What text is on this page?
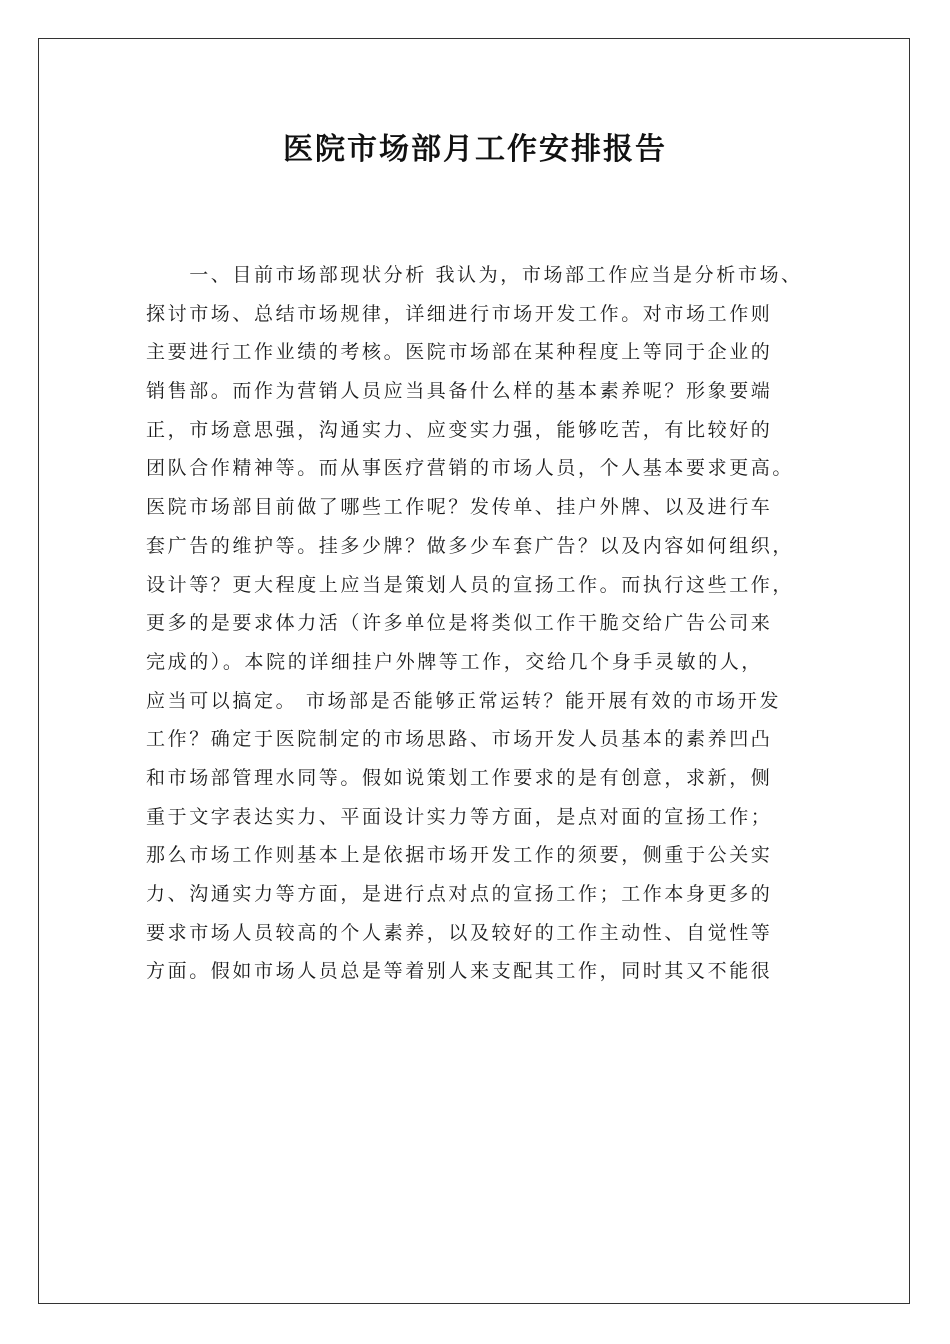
医院市场部月工作安排报告
　　一、目前市场部现状分析 我认为，市场部工作应当是分析市场、
探讨市场、总结市场规律，详细进行市场开发工作。对市场工作则
主要进行工作业绩的考核。医院市场部在某种程度上等同于企业的
销售部。而作为营销人员应当具备什么样的基本素养呢？形象要端
正，市场意思强，沟通实力、应变实力强，能够吃苦，有比较好的
团队合作精神等。而从事医疗营销的市场人员，个人基本要求更高。
医院市场部目前做了哪些工作呢？发传单、挂户外牌、以及进行车
套广告的维护等。挂多少牌？做多少车套广告？以及内容如何组织，
设计等？更大程度上应当是策划人员的宣扬工作。而执行这些工作，
更多的是要求体力活（许多单位是将类似工作干脆交给广告公司来
完成的）。本院的详细挂户外牌等工作，交给几个身手灵敏的人，
应当可以搞定。 市场部是否能够正常运转？能开展有效的市场开发
工作？确定于医院制定的市场思路、市场开发人员基本的素养凹凸
和市场部管理水同等。假如说策划工作要求的是有创意，求新，侧
重于文字表达实力、平面设计实力等方面，是点对面的宣扬工作；
那么市场工作则基本上是依据市场开发工作的须要，侧重于公关实
力、沟通实力等方面，是进行点对点的宣扬工作；工作本身更多的
要求市场人员较高的个人素养，以及较好的工作主动性、自觉性等
方面。假如市场人员总是等着别人来支配其工作，同时其又不能很
